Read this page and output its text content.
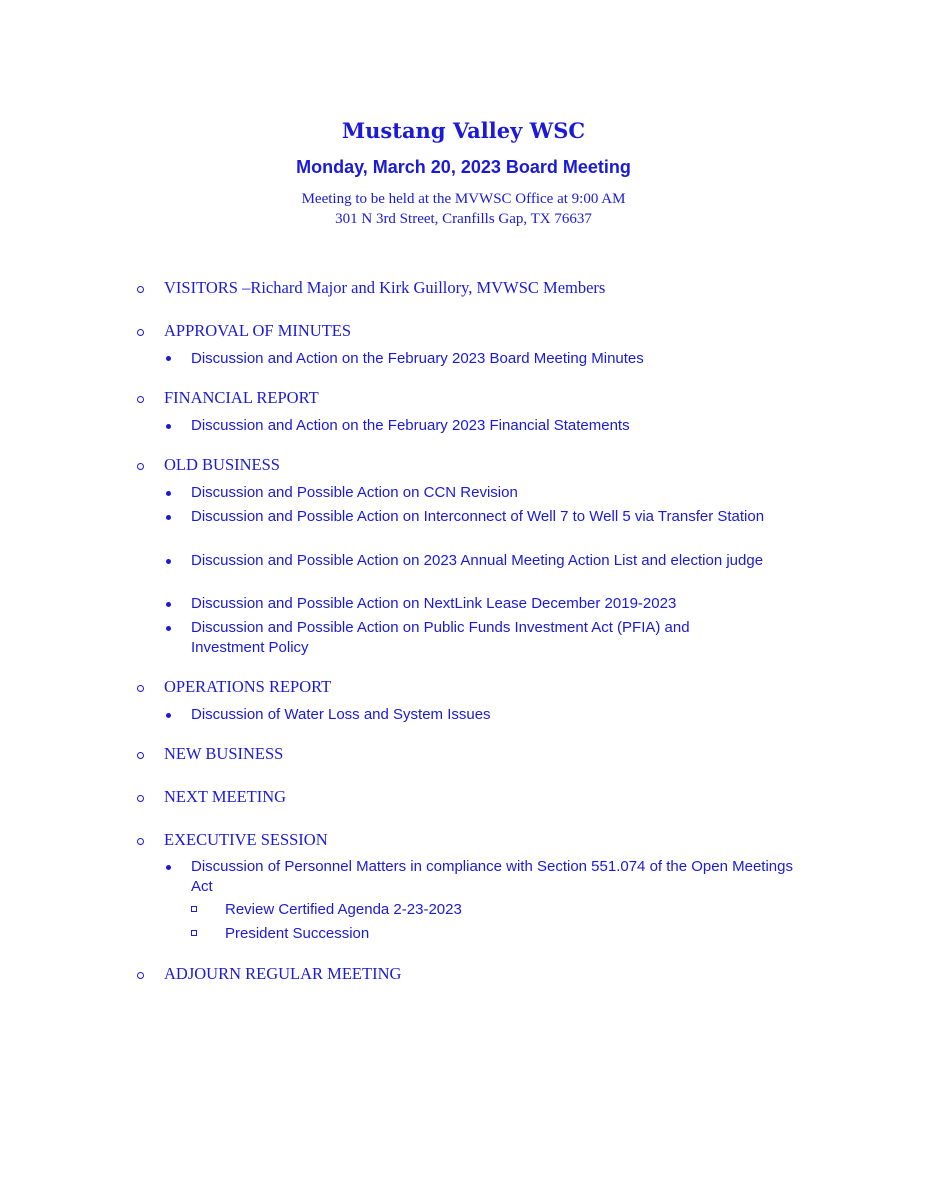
Mustang Valley WSC
Monday, March 20, 2023 Board Meeting
Meeting to be held at the MVWSC Office at 9:00 AM
301 N 3rd Street, Cranfills Gap, TX 76637
VISITORS –Richard Major and Kirk Guillory, MVWSC Members
APPROVAL OF MINUTES
Discussion and Action on the February 2023 Board Meeting Minutes
FINANCIAL REPORT
Discussion and Action on the February 2023 Financial Statements
OLD BUSINESS
Discussion and Possible Action on CCN Revision
Discussion and Possible Action on Interconnect of Well 7 to Well 5 via Transfer Station
Discussion and Possible Action on 2023 Annual Meeting Action List and election judge
Discussion and Possible Action on NextLink Lease December 2019-2023
Discussion and Possible Action on Public Funds Investment Act (PFIA) and Investment Policy
OPERATIONS REPORT
Discussion of Water Loss and System Issues
NEW BUSINESS
NEXT MEETING
EXECUTIVE SESSION
Discussion of Personnel Matters in compliance with Section 551.074 of the Open Meetings Act
Review Certified Agenda 2-23-2023
President Succession
ADJOURN REGULAR MEETING
